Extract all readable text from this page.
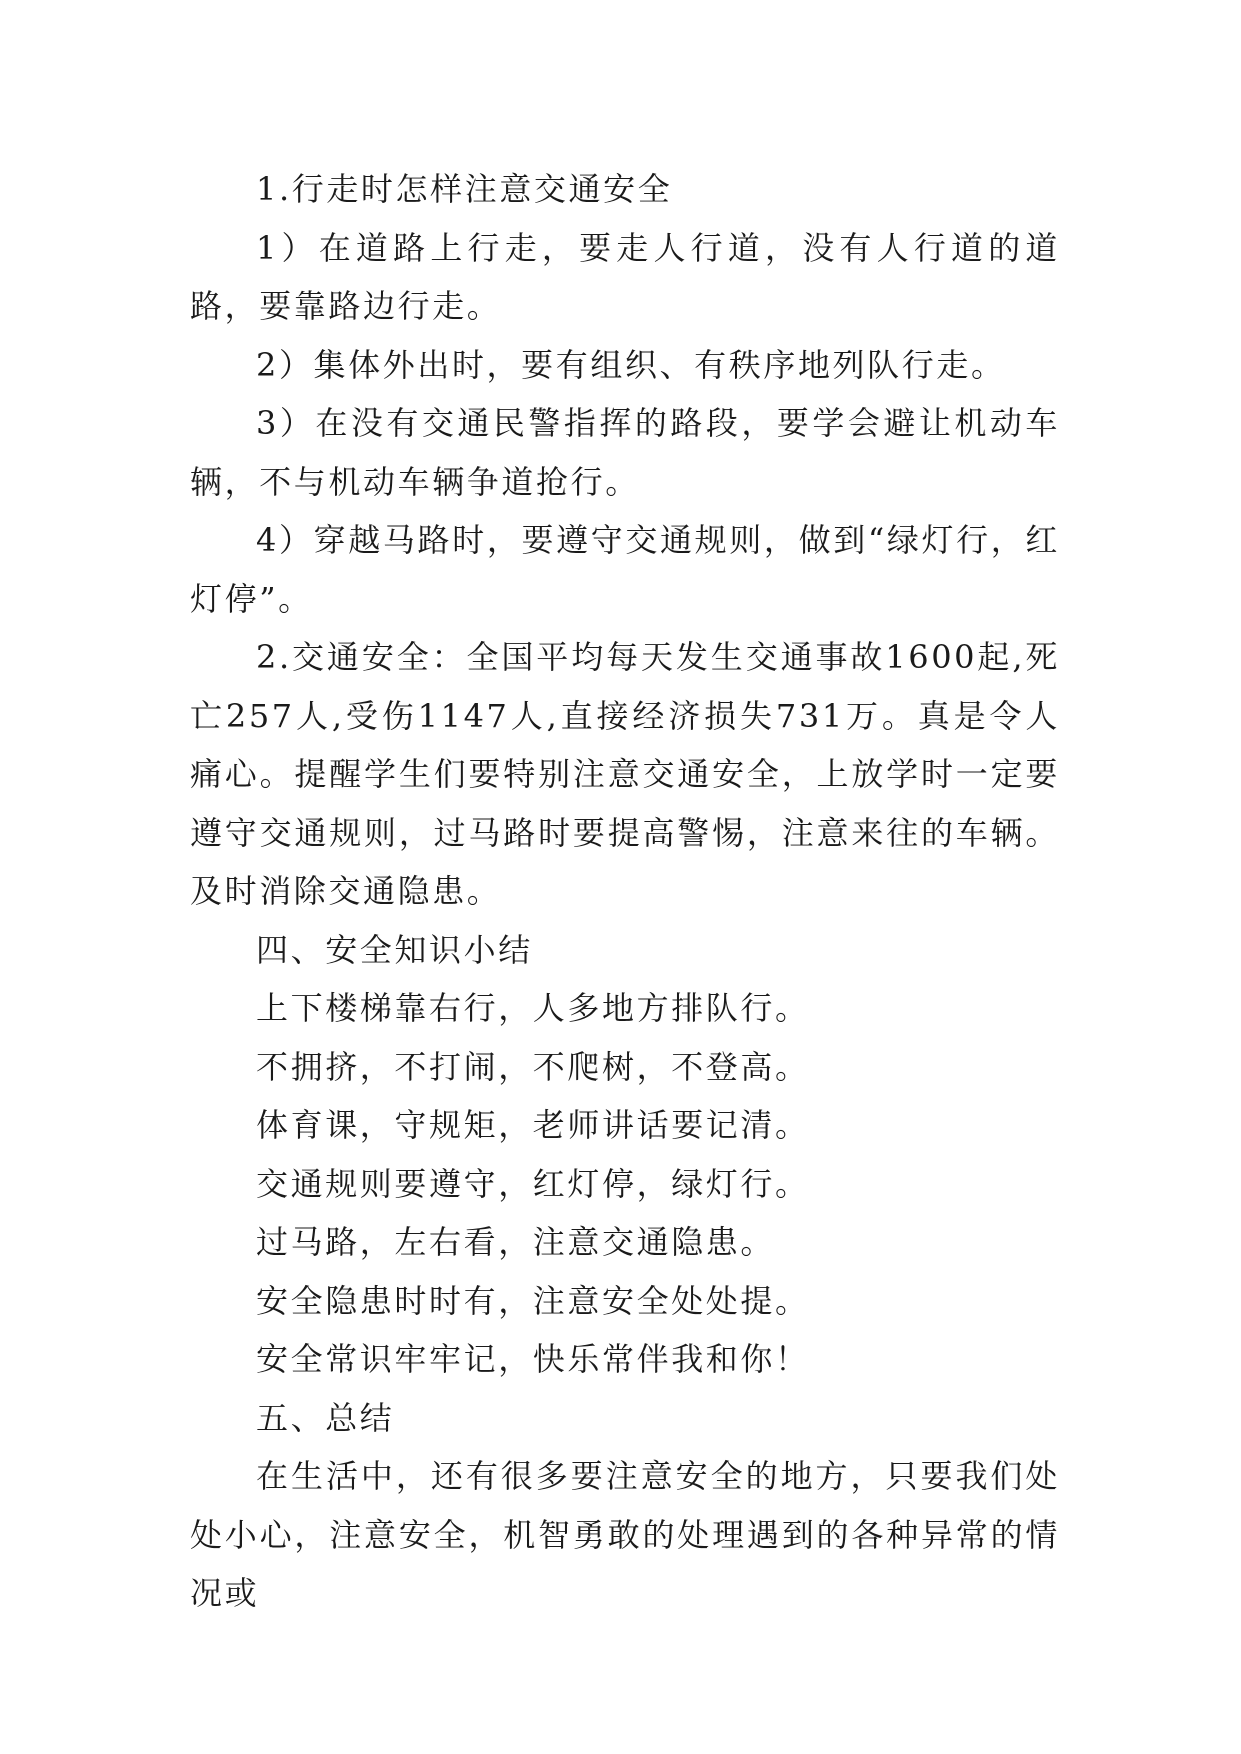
1.行走时怎样注意交通安全

1）在道路上行走，要走人行道，没有人行道的道路，要靠路边行走。

2）集体外出时，要有组织、有秩序地列队行走。

3）在没有交通民警指挥的路段，要学会避让机动车辆，不与机动车辆争道抢行。

4）穿越马路时，要遵守交通规则，做到“绿灯行，红灯停”。

2.交通安全：全国平均每天发生交通事故1600起,死亡257人,受伤1147人,直接经济损失731万。真是令人痛心。提醒学生们要特别注意交通安全，上放学时一定要遵守交通规则，过马路时要提高警惕，注意来往的车辆。及时消除交通隐患。

四、安全知识小结

上下楼梯靠右行，人多地方排队行。

不拥挤，不打闹，不爬树，不登高。

体育课，守规矩，老师讲话要记清。

交通规则要遵守，红灯停，绿灯行。

过马路，左右看，注意交通隐患。

安全隐患时时有，注意安全处处提。

安全常识牢牢记，快乐常伴我和你！

五、总结

在生活中，还有很多要注意安全的地方，只要我们处处小心，注意安全，机智勇敢的处理遇到的各种异常的情况或
